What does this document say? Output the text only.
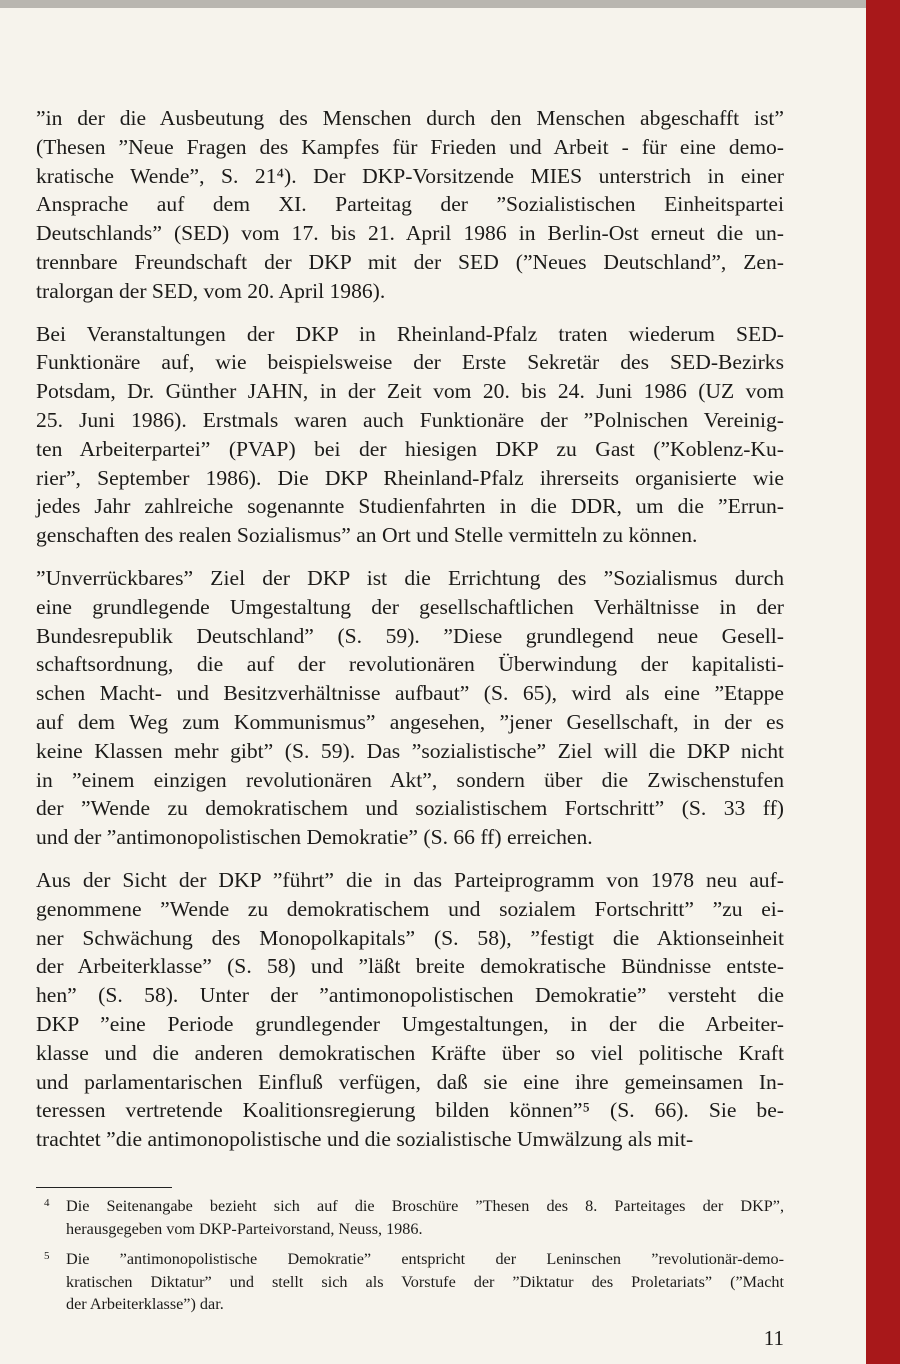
”in der die Ausbeutung des Menschen durch den Menschen abgeschafft ist”
(Thesen ”Neue Fragen des Kampfes für Frieden und Arbeit - für eine demo-
kratische Wende”, S. 21⁴). Der DKP-Vorsitzende MIES unterstrich in einer
Ansprache auf dem XI. Parteitag der ”Sozialistischen Einheitspartei
Deutschlands” (SED) vom 17. bis 21. April 1986 in Berlin-Ost erneut die un-
trennbare Freundschaft der DKP mit der SED (”Neues Deutschland”, Zen-
tralorgan der SED, vom 20. April 1986).

Bei Veranstaltungen der DKP in Rheinland-Pfalz traten wiederum SED-
Funktionäre auf, wie beispielsweise der Erste Sekretär des SED-Bezirks
Potsdam, Dr. Günther JAHN, in der Zeit vom 20. bis 24. Juni 1986 (UZ vom
25. Juni 1986). Erstmals waren auch Funktionäre der ”Polnischen Vereinig-
ten Arbeiterpartei” (PVAP) bei der hiesigen DKP zu Gast (”Koblenz-Ku-
rier”, September 1986). Die DKP Rheinland-Pfalz ihrerseits organisierte wie
jedes Jahr zahlreiche sogenannte Studienfahrten in die DDR, um die ”Errun-
genschaften des realen Sozialismus” an Ort und Stelle vermitteln zu können.

”Unverrückbares” Ziel der DKP ist die Errichtung des ”Sozialismus durch
eine grundlegende Umgestaltung der gesellschaftlichen Verhältnisse in der
Bundesrepublik Deutschland” (S. 59). ”Diese grundlegend neue Gesell-
schaftsordnung, die auf der revolutionären Überwindung der kapitalisti-
schen Macht- und Besitzverhältnisse aufbaut” (S. 65), wird als eine ”Etappe
auf dem Weg zum Kommunismus” angesehen, ”jener Gesellschaft, in der es
keine Klassen mehr gibt” (S. 59). Das ”sozialistische” Ziel will die DKP nicht
in ”einem einzigen revolutionären Akt”, sondern über die Zwischenstufen
der ”Wende zu demokratischem und sozialistischem Fortschritt” (S. 33 ff)
und der ”antimonopolistischen Demokratie” (S. 66 ff) erreichen.

Aus der Sicht der DKP ”führt” die in das Parteiprogramm von 1978 neu auf-
genommene ”Wende zu demokratischem und sozialem Fortschritt” ”zu ei-
ner Schwächung des Monopolkapitals” (S. 58), ”festigt die Aktionseinheit
der Arbeiterklasse” (S. 58) und ”läßt breite demokratische Bündnisse entste-
hen” (S. 58). Unter der ”antimonopolistischen Demokratie” versteht die
DKP ”eine Periode grundlegender Umgestaltungen, in der die Arbeiter-
klasse und die anderen demokratischen Kräfte über so viel politische Kraft
und parlamentarischen Einfluß verfügen, daß sie eine ihre gemeinsamen In-
teressen vertretende Koalitionsregierung bilden können”⁵ (S. 66). Sie be-
trachtet ”die antimonopolistische und die sozialistische Umwälzung als mit-

4 Die Seitenangabe bezieht sich auf die Broschüre ”Thesen des 8. Parteitages der DKP”,
herausgegeben vom DKP-Parteivorstand, Neuss, 1986.
5 Die ”antimonopolistische Demokratie” entspricht der Leninschen ”revolutionär-demo-
kratischen Diktatur” und stellt sich als Vorstufe der ”Diktatur des Proletariats” (”Macht
der Arbeiterklasse”) dar.
11
